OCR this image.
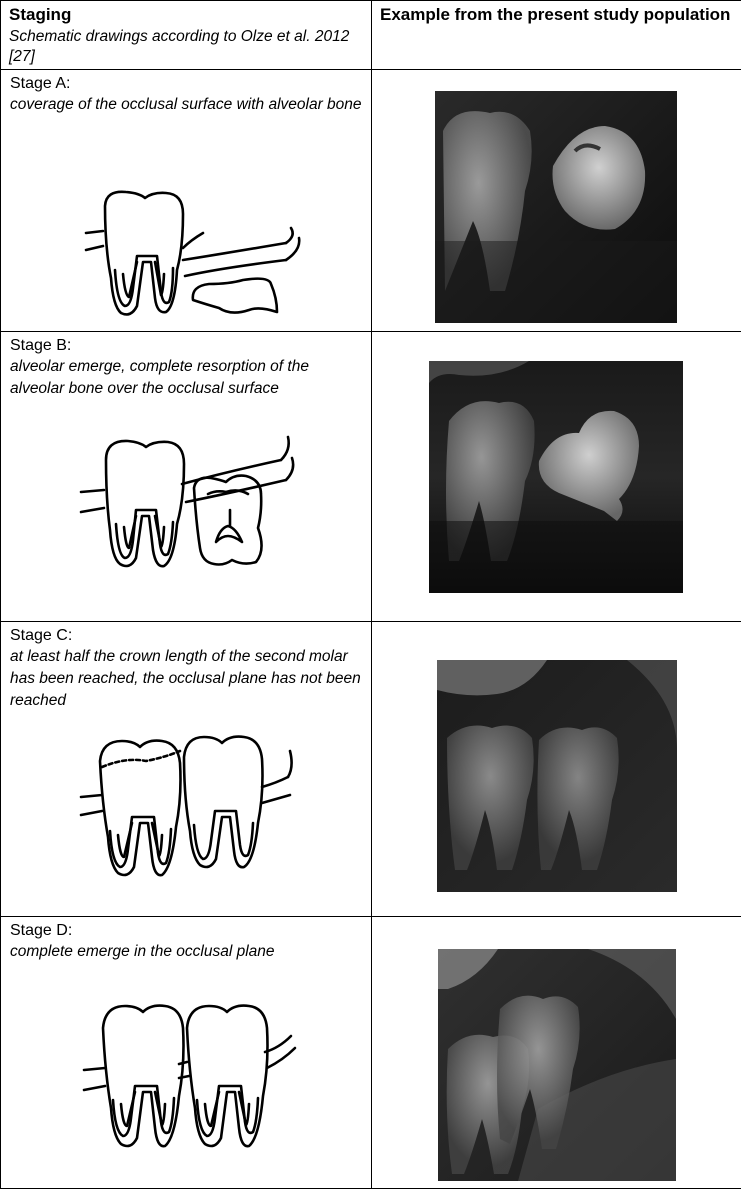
Staging
Schematic drawings according to Olze et al. 2012 [27]	Example from the present study population

Stage A:
coverage of the occlusal surface with alveolar bone

Stage B:
alveolar emerge, complete resorption of the alveolar bone over the occlusal surface

Stage C:
at least half the crown length of the second molar has been reached, the occlusal plane has not been reached

Stage D:
complete emerge in the occlusal plane
